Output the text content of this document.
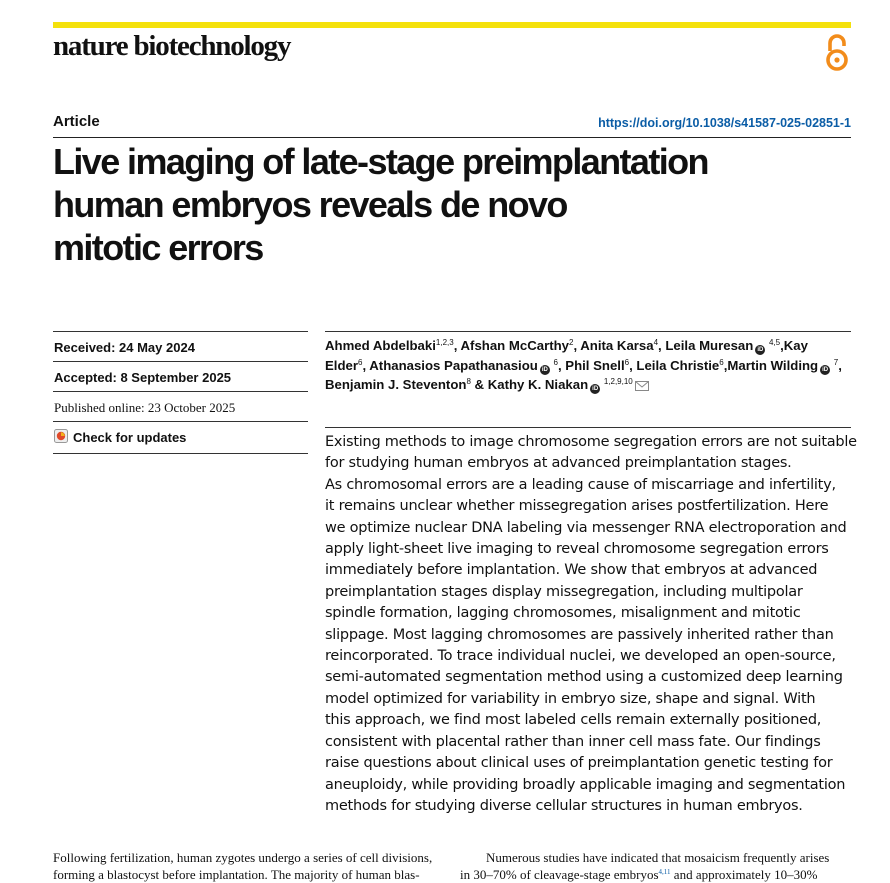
nature biotechnology
Article	https://doi.org/10.1038/s41587-025-02851-1
Live imaging of late-stage preimplantation
human embryos reveals de novo
mitotic errors
Received: 24 May 2024
Accepted: 8 September 2025
Published online: 23 October 2025
Check for updates
Ahmed Abdelbaki$^{1,2,3}$, Afshan McCarthy$^2$, Anita Karsa$^4$, Leila Muresan iD $^{4,5}$,Kay Elder$^6$, Athanasios Papathanasiou iD $^6$, Phil Snell$^6$, Leila Christie$^6$,Martin Wilding iD $^7$, Benjamin J. Steventon$^8$ & Kathy K. Niakan iD $^{1,2,9,10}$
Existing methods to image chromosome segregation errors are not suitable
for studying human embryos at advanced preimplantation stages.
As chromosomal errors are a leading cause of miscarriage and infertility,
it remains unclear whether missegregation arises postfertilization. Here
we optimize nuclear DNA labeling via messenger RNA electroporation and
apply light-sheet live imaging to reveal chromosome segregation errors
immediately before implantation. We show that embryos at advanced
preimplantation stages display missegregation, including multipolar
spindle formation, lagging chromosomes, misalignment and mitotic
slippage. Most lagging chromosomes are passively inherited rather than
reincorporated. To trace individual nuclei, we developed an open-source,
semi-automated segmentation method using a customized deep learning
model optimized for variability in embryo size, shape and signal. With
this approach, we find most labeled cells remain externally positioned,
consistent with placental rather than inner cell mass fate. Our findings
raise questions about clinical uses of preimplantation genetic testing for
aneuploidy, while providing broadly applicable imaging and segmentation
methods for studying diverse cellular structures in human embryos.
Following fertilization, human zygotes undergo a series of cell divisions,
forming a blastocyst before implantation. The majority of human blas-
Numerous studies have indicated that mosaicism frequently arises
in 30–70% of cleavage-stage embryos$^{4,11}$ and approximately 10–30%
